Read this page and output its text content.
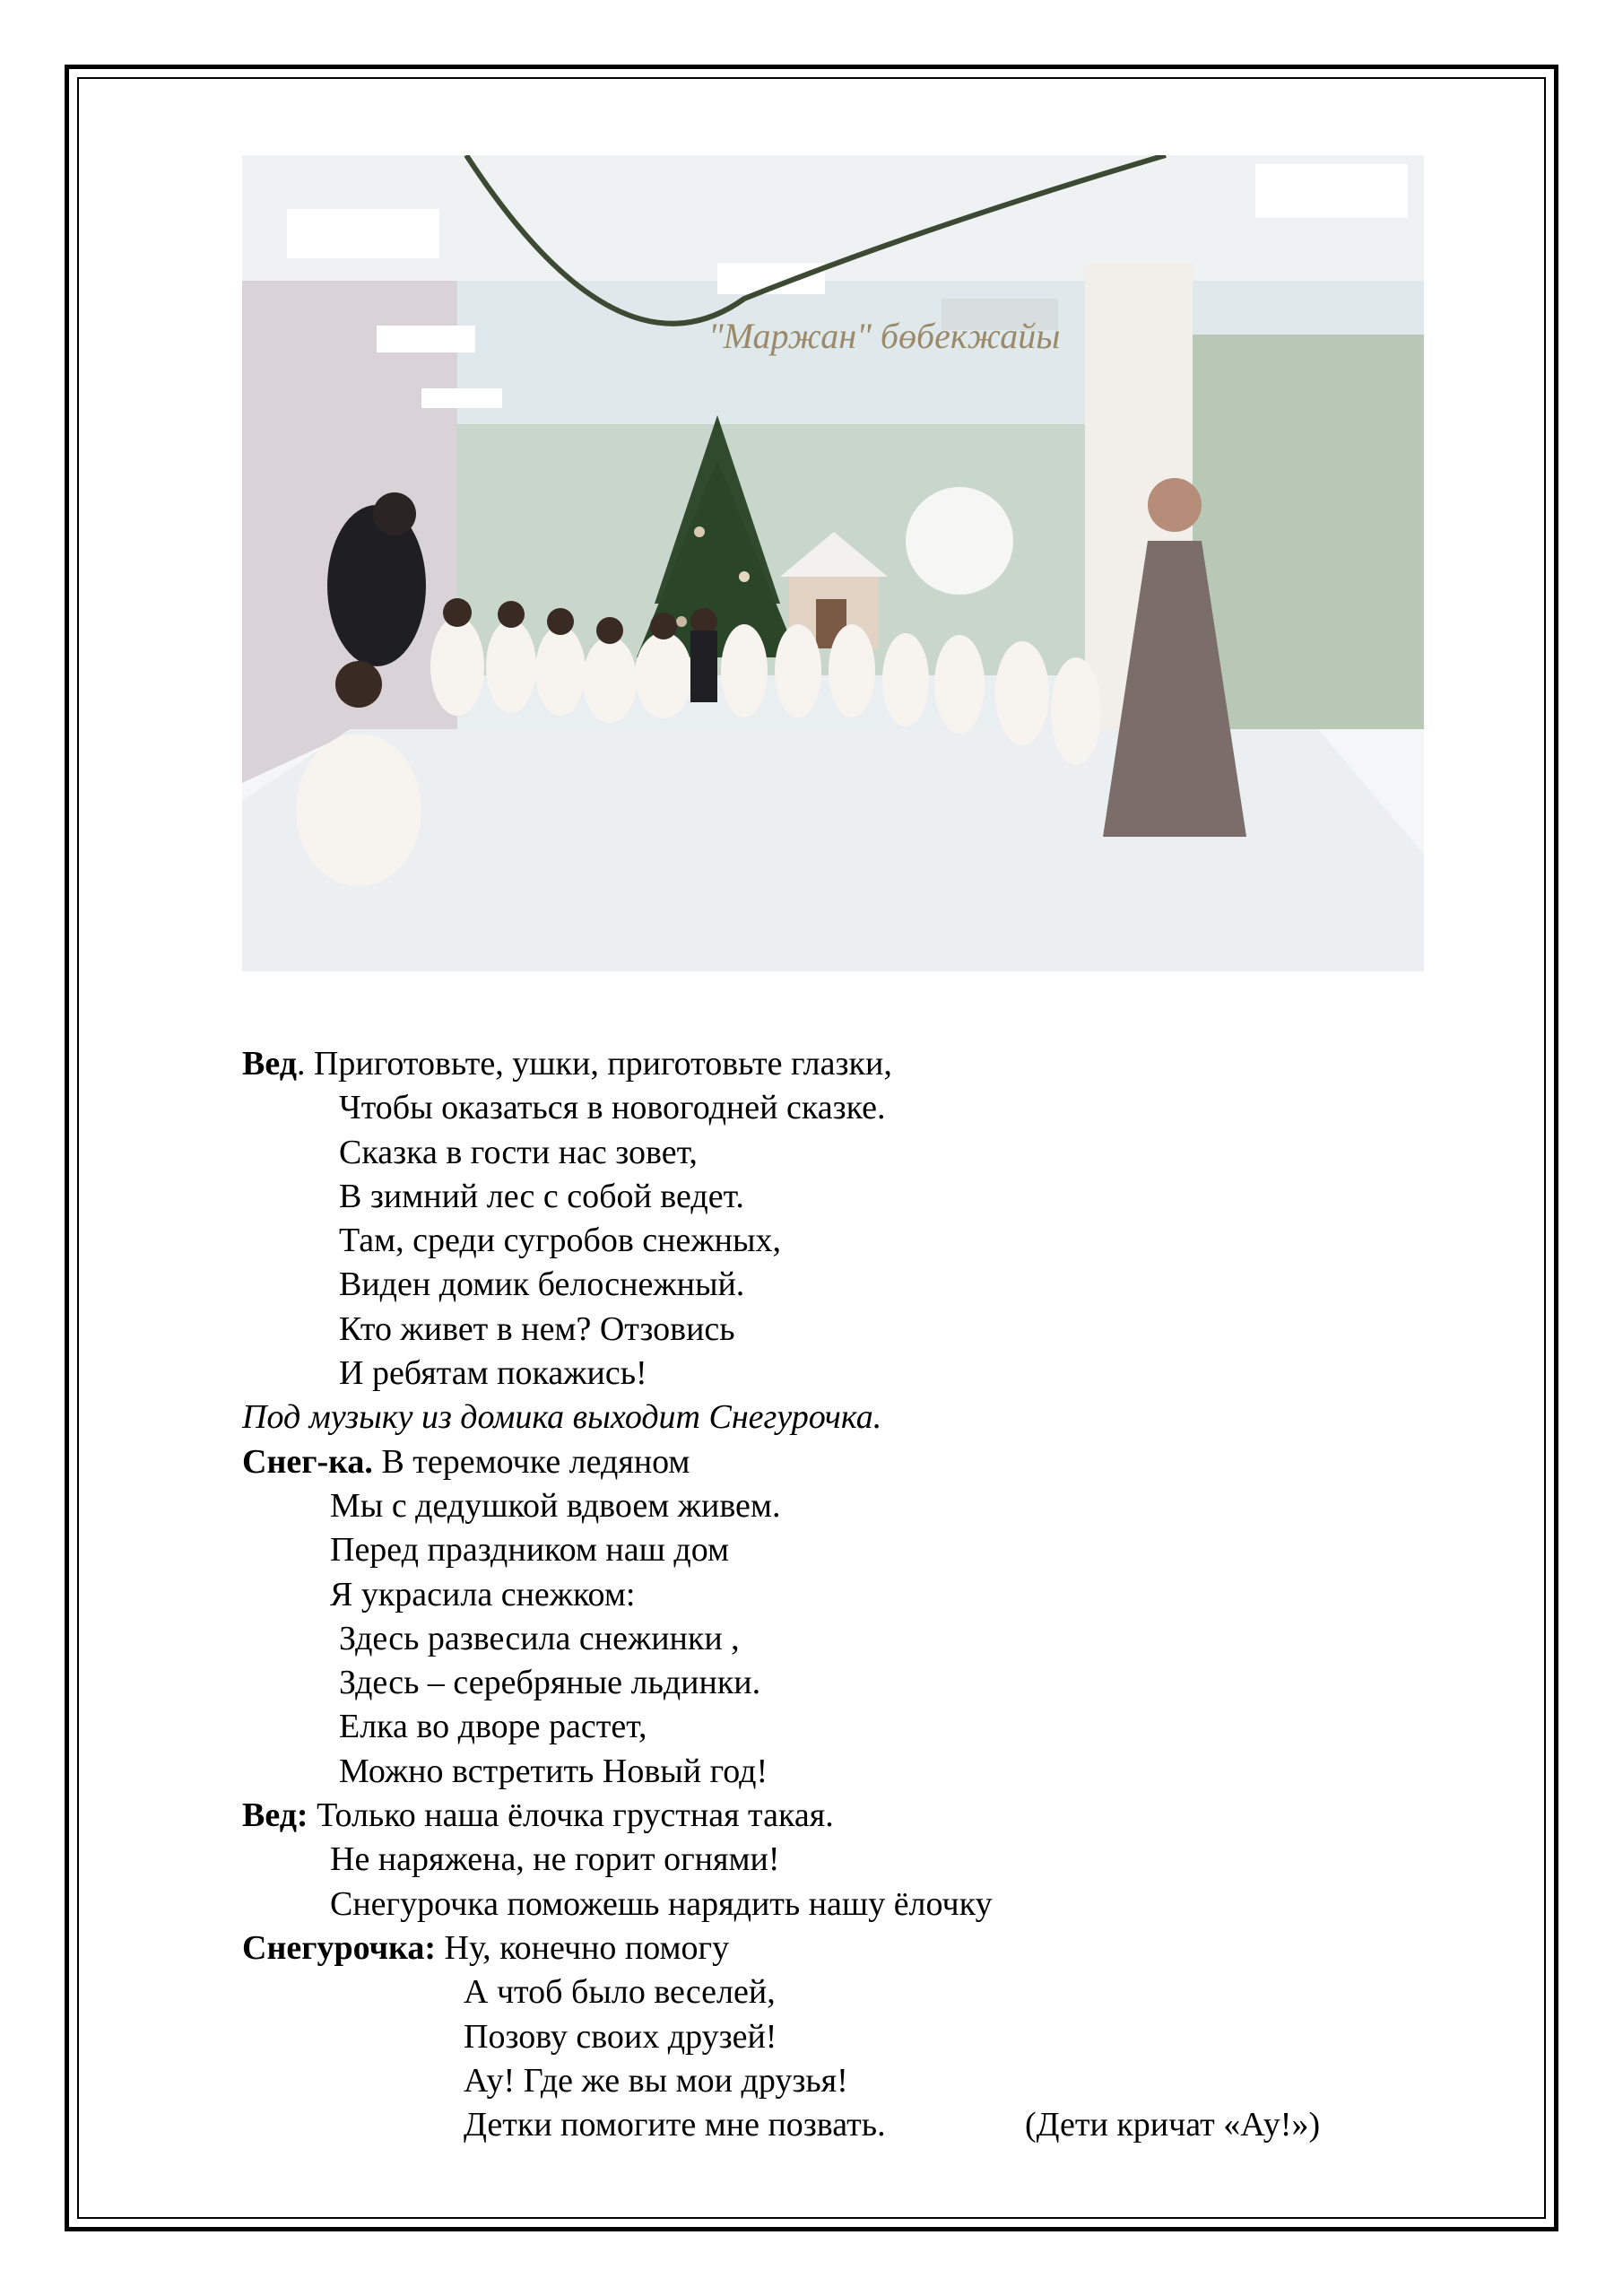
"Маржан" бөбекжайы
Вед. Приготовьте, ушки, приготовьте глазки,
Чтобы оказаться в новогодней сказке.
Сказка в гости нас зовет,
В зимний лес с собой ведет.
Там, среди сугробов снежных,
Виден домик белоснежный.
Кто живет в нем? Отзовись
И ребятам покажись!
Под музыку из домика выходит Снегурочка.
Снег-ка. В теремочке ледяном
Мы с дедушкой вдвоем живем.
Перед праздником наш дом
Я украсила снежком:
Здесь развесила снежинки ,
Здесь – серебряные льдинки.
Елка во дворе растет,
Можно встретить Новый год!
Вед: Только наша ёлочка грустная такая.
Не наряжена, не горит огнями!
Снегурочка поможешь нарядить нашу ёлочку
Снегурочка: Ну, конечно помогу
А чтоб было веселей,
Позову своих друзей!
Ау! Где же вы мои друзья!
Детки помогите мне позвать.	(Дети кричат «Ау!»)
